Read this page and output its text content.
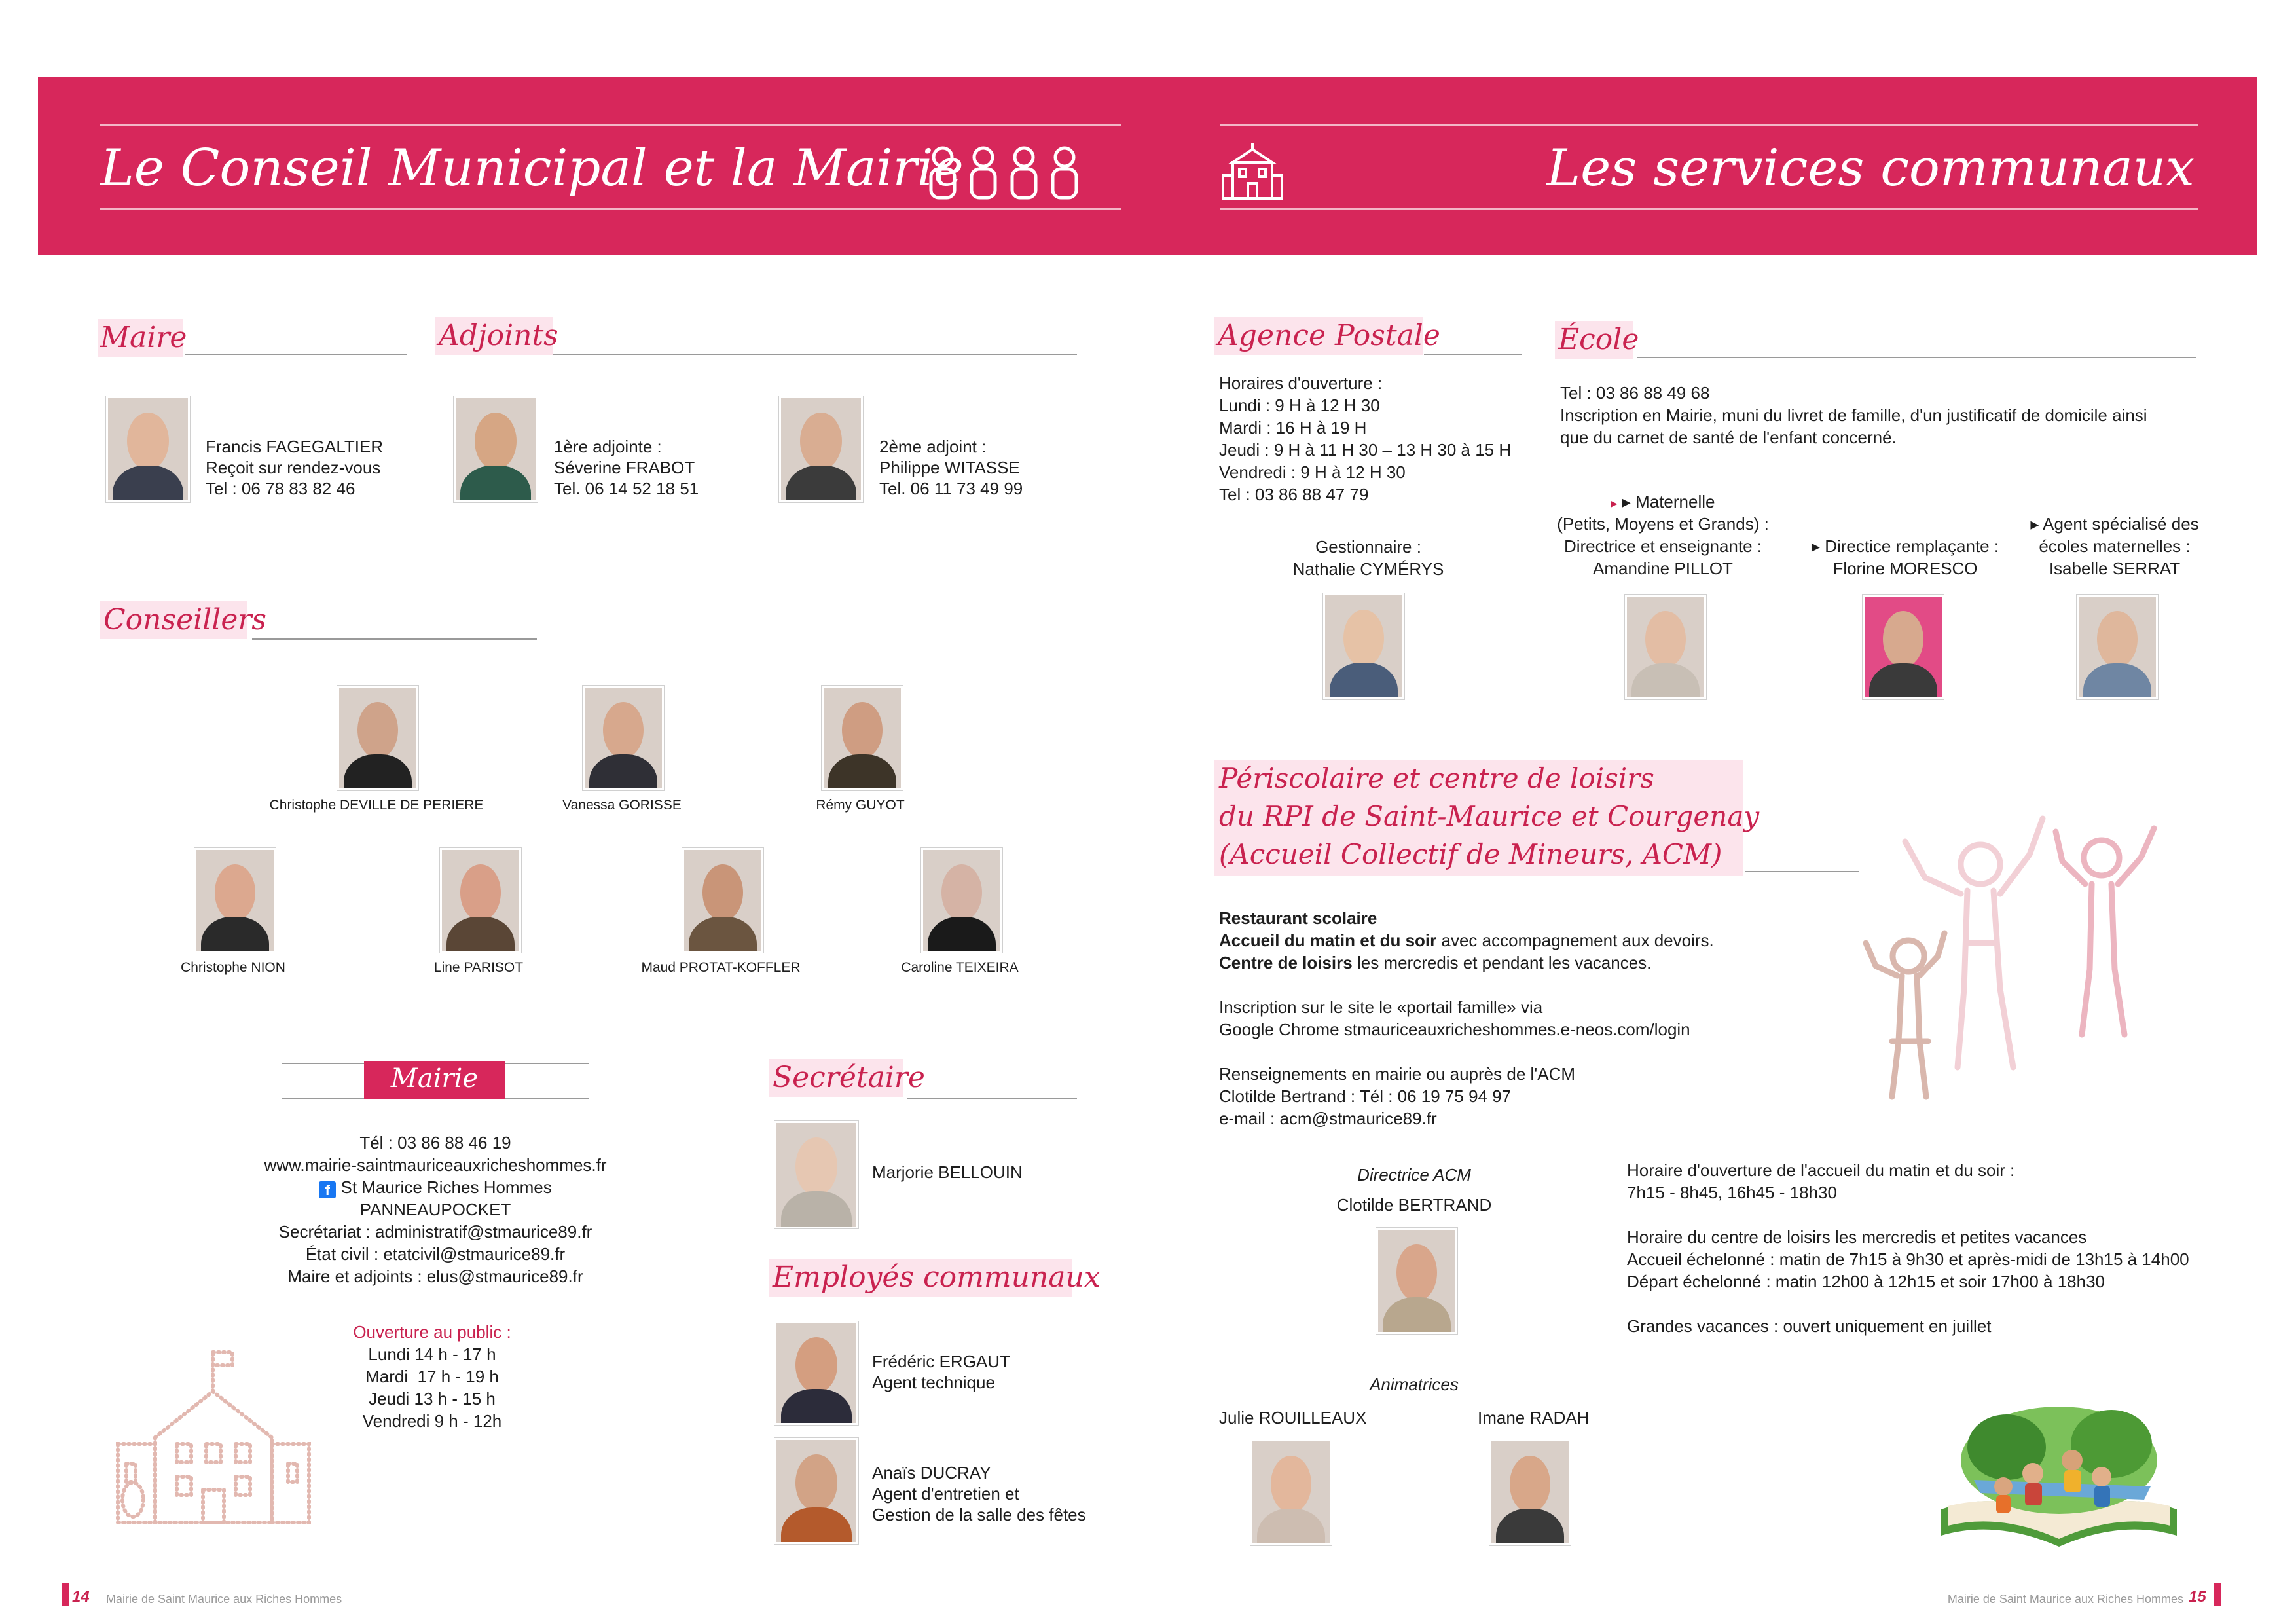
Le Conseil Municipal et la Mairie	Les services communaux
Maire
Francis FAGEGALTIER
Reçoit sur rendez-vous
Tel : 06 78 83 82 46
Adjoints
1ère adjointe :
Séverine FRABOT
Tel. 06 14 52 18 51
2ème adjoint :
Philippe WITASSE
Tel. 06 11 73 49 99
Conseillers
Christophe DEVILLE DE PERIERE	Vanessa GORISSE	Rémy GUYOT
Christophe NION	Line PARISOT	Maud PROTAT-KOFFLER	Caroline TEIXEIRA
Mairie
Tél : 03 86 88 46 19
www.mairie-saintmauriceauxricheshommes.fr
f St Maurice Riches Hommes
PANNEAUPOCKET
Secrétariat : administratif@stmaurice89.fr
État civil : etatcivil@stmaurice89.fr
Maire et adjoints : elus@stmaurice89.fr
Ouverture au public :
Lundi 14 h - 17 h
Mardi  17 h - 19 h
Jeudi 13 h - 15 h
Vendredi 9 h - 12h
Secrétaire
Marjorie BELLOUIN
Employés communaux
Frédéric ERGAUT
Agent technique
Anaïs DUCRAY
Agent d'entretien et
Gestion de la salle des fêtes
14 Mairie de Saint Maurice aux Riches Hommes
Agence Postale
Horaires d'ouverture :
Lundi : 9 H à 12 H 30
Mardi : 16 H à 19 H
Jeudi : 9 H à 11 H 30 – 13 H 30 à 15 H
Vendredi : 9 H à 12 H 30
Tel : 03 86 88 47 79
Gestionnaire :
Nathalie CYMÉRYS
École
Tel : 03 86 88 49 68
Inscription en Mairie, muni du livret de famille, d'un justificatif de domicile ainsi
que du carnet de santé de l'enfant concerné.
▸ ▸ Maternelle
(Petits, Moyens et Grands) :
Directrice et enseignante :
Amandine PILLOT
▸ Directice remplaçante :
Florine MORESCO
▸ Agent spécialisé des
écoles maternelles :
Isabelle SERRAT
Périscolaire et centre de loisirs
du RPI de Saint-Maurice et Courgenay
(Accueil Collectif de Mineurs, ACM)
Restaurant scolaire
Accueil du matin et du soir avec accompagnement aux devoirs.
Centre de loisirs les mercredis et pendant les vacances.
Inscription sur le site le «portail famille» via
Google Chrome stmauriceauxricheshommes.e-neos.com/login
Renseignements en mairie ou auprès de l'ACM
Clotilde Bertrand : Tél : 06 19 75 94 97
e-mail : acm@stmaurice89.fr
Directrice ACM
Clotilde BERTRAND
Animatrices
Julie ROUILLEAUX	Imane RADAH
Horaire d'ouverture de l'accueil du matin et du soir :
7h15 - 8h45, 16h45 - 18h30
Horaire du centre de loisirs les mercredis et petites vacances
Accueil échelonné : matin de 7h15 à 9h30 et après-midi de 13h15 à 14h00
Départ échelonné : matin 12h00 à 12h15 et soir 17h00 à 18h30
Grandes vacances : ouvert uniquement en juillet
Mairie de Saint Maurice aux Riches Hommes 15
